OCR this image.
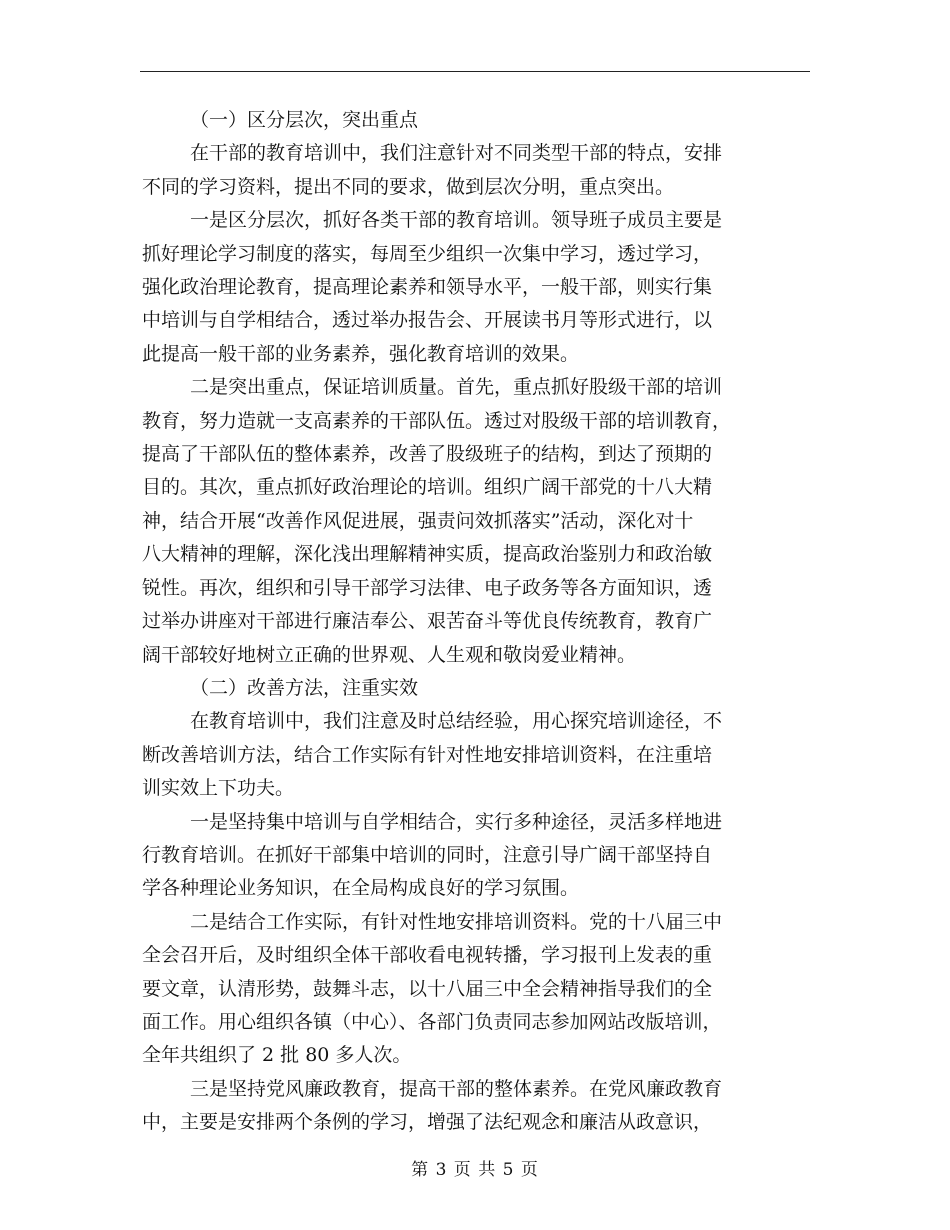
（一）区分层次，突出重点

在干部的教育培训中，我们注意针对不同类型干部的特点，安排
不同的学习资料，提出不同的要求，做到层次分明，重点突出。

一是区分层次，抓好各类干部的教育培训。领导班子成员主要是
抓好理论学习制度的落实，每周至少组织一次集中学习，透过学习，
强化政治理论教育，提高理论素养和领导水平，一般干部，则实行集
中培训与自学相结合，透过举办报告会、开展读书月等形式进行，以
此提高一般干部的业务素养，强化教育培训的效果。

二是突出重点，保证培训质量。首先，重点抓好股级干部的培训
教育，努力造就一支高素养的干部队伍。透过对股级干部的培训教育，
提高了干部队伍的整体素养，改善了股级班子的结构，到达了预期的
目的。其次，重点抓好政治理论的培训。组织广阔干部党的十八大精
神，结合开展“改善作风促进展，强责问效抓落实”活动，深化对十
八大精神的理解，深化浅出理解精神实质，提高政治鉴别力和政治敏
锐性。再次，组织和引导干部学习法律、电子政务等各方面知识，透
过举办讲座对干部进行廉洁奉公、艰苦奋斗等优良传统教育，教育广
阔干部较好地树立正确的世界观、人生观和敬岗爱业精神。

（二）改善方法，注重实效

在教育培训中，我们注意及时总结经验，用心探究培训途径，不
断改善培训方法，结合工作实际有针对性地安排培训资料，在注重培
训实效上下功夫。

一是坚持集中培训与自学相结合，实行多种途径，灵活多样地进
行教育培训。在抓好干部集中培训的同时，注意引导广阔干部坚持自
学各种理论业务知识，在全局构成良好的学习氛围。

二是结合工作实际，有针对性地安排培训资料。党的十八届三中
全会召开后，及时组织全体干部收看电视转播，学习报刊上发表的重
要文章，认清形势，鼓舞斗志，以十八届三中全会精神指导我们的全
面工作。用心组织各镇（中心）、各部门负责同志参加网站改版培训，
全年共组织了 2 批 80 多人次。

三是坚持党风廉政教育，提高干部的整体素养。在党风廉政教育
中，主要是安排两个条例的学习，增强了法纪观念和廉洁从政意识，

第 3 页 共 5 页
